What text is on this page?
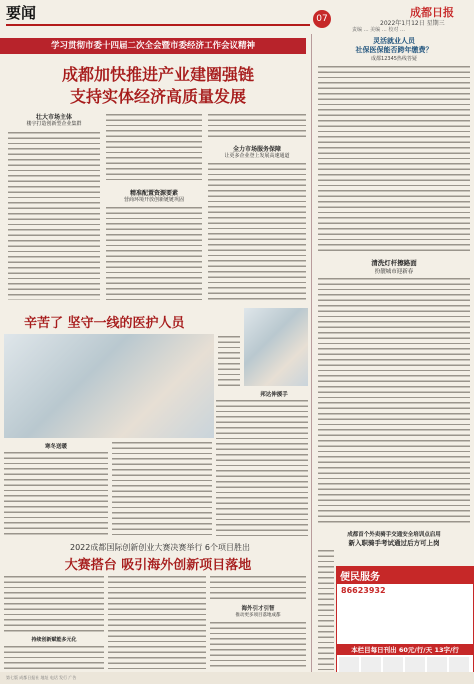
要闻	07	成都日报
2022年1月12日 星期三
责编 … 美编 … 校对 …
学习贯彻市委十四届二次全会暨市委经济工作会议精神
成都加快推进产业建圈强链
支持实体经济高质量发展
壮大市场主体
楼宇打造创新型企业集群
精准配置资源要素
营商环境开放创新链链巩固
全力市场服务保障
让更多企业登上发展高速通道
辛苦了 坚守一线的医护人员
邦达伸援手
寒冬送暖
2022成都国际创新创业大赛决赛举行 6个项目胜出
大赛搭台 吸引海外创新项目落地
持续创新赋能多元化
海外引才引智
推动更多项目落地成都
灵活就业人员
社保医保能否跨年缴费？
成都12345热线答疑
清洗灯杆擦路面
扮靓城市迎新春
成都首个外卖骑手交通安全培训点启用
新入职骑手考试通过后方可上岗
便民服务
86623932
本栏目每日刊出 60元/行/天 13字/行
第七版 成都日报社 地址 电话 发行 广告
